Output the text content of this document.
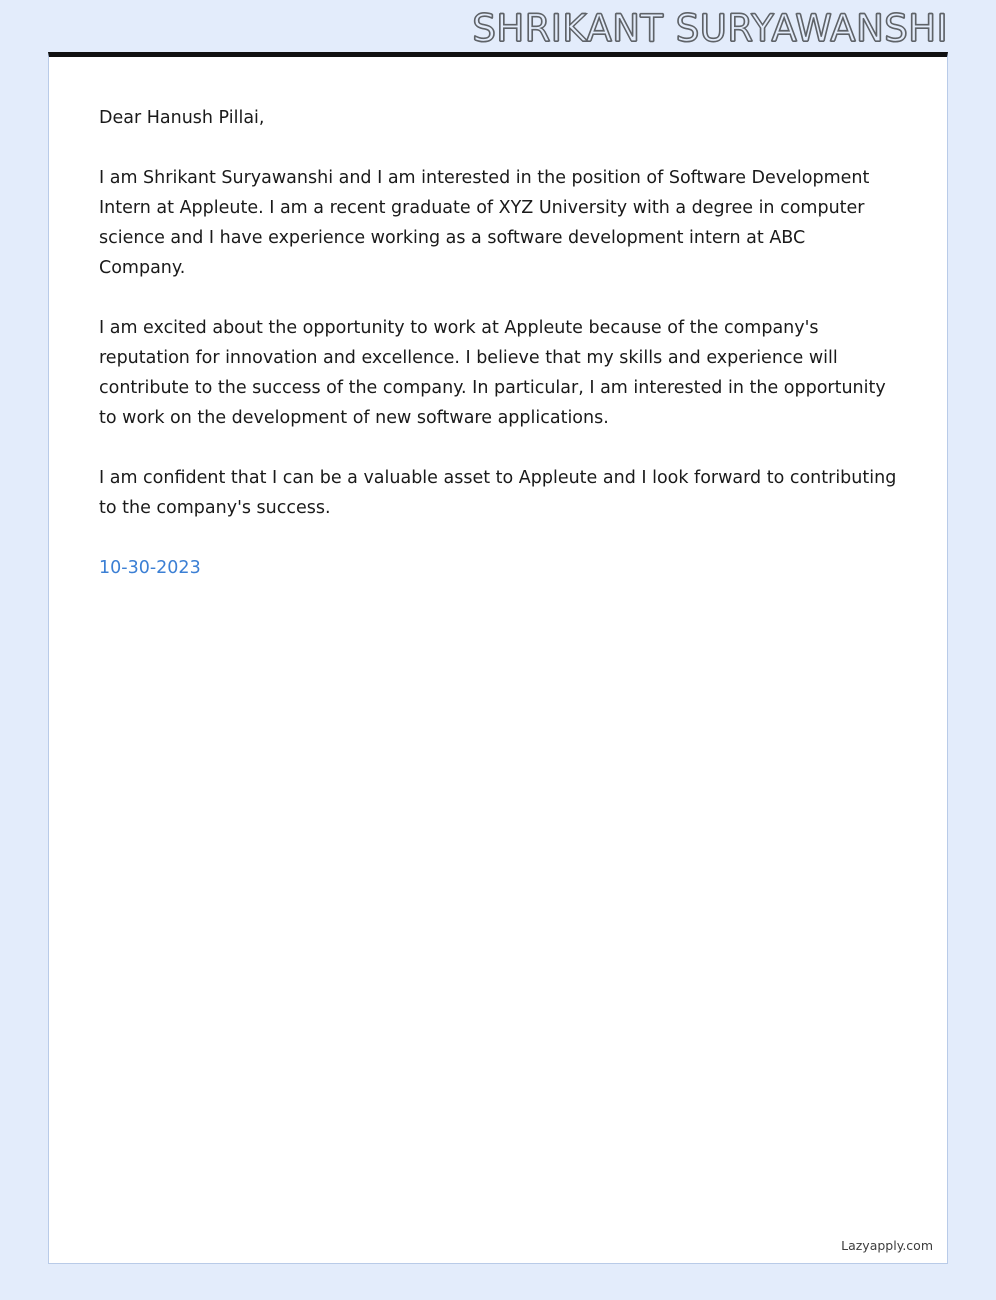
SHRIKANT SURYAWANSHI

Dear Hanush Pillai,

I am Shrikant Suryawanshi and I am interested in the position of Software Development Intern at Appleute. I am a recent graduate of XYZ University with a degree in computer science and I have experience working as a software development intern at ABC Company.

I am excited about the opportunity to work at Appleute because of the company's reputation for innovation and excellence. I believe that my skills and experience will contribute to the success of the company. In particular, I am interested in the opportunity to work on the development of new software applications.

I am confident that I can be a valuable asset to Appleute and I look forward to contributing to the company's success.

10-30-2023

Lazyapply.com
